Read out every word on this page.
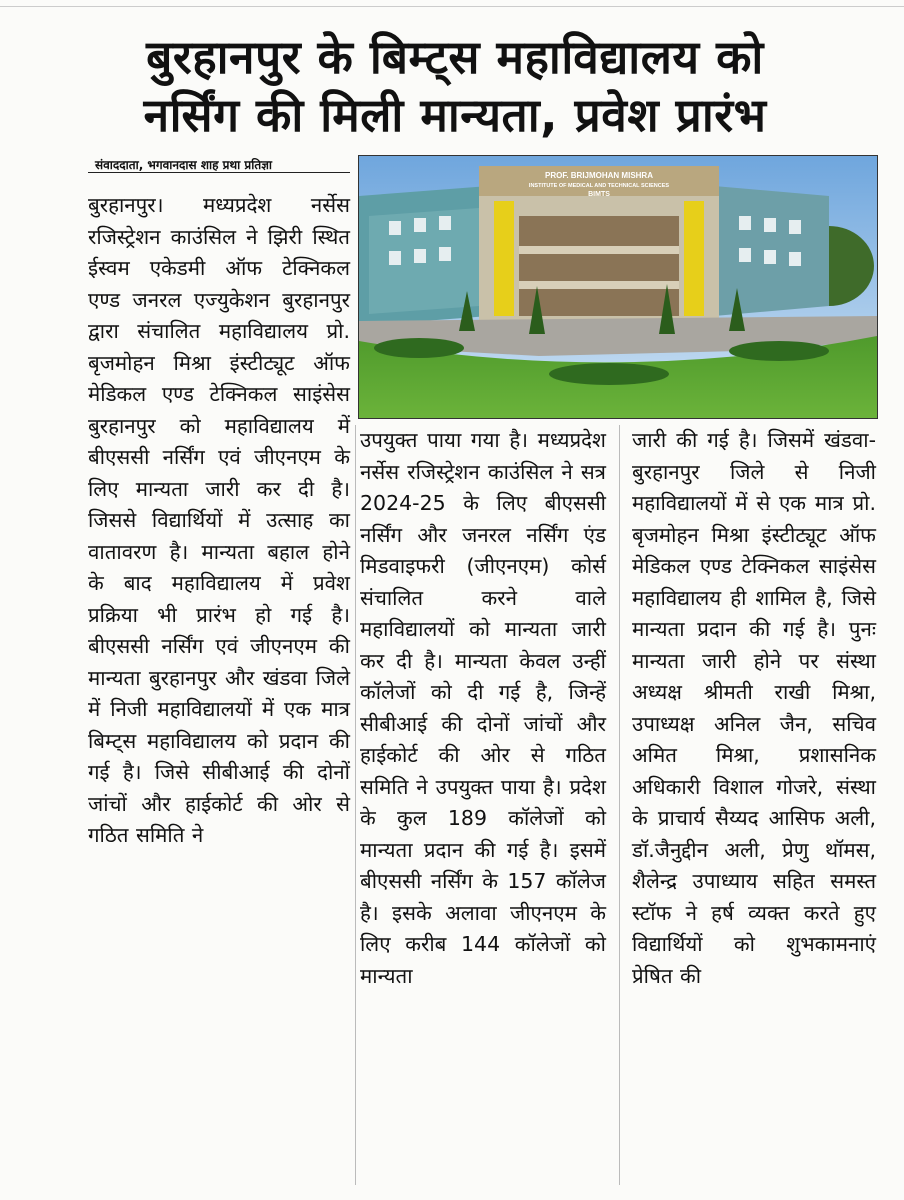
बुरहानपुर के बिम्ट्स महाविद्यालय को
नर्सिंग की मिली मान्यता, प्रवेश प्रारंभ
संवाददाता, भगवानदास शाह प्रथा प्रतिज्ञा
PROF. BRIJMOHAN MISHRA
INSTITUTE OF MEDICAL AND TECHNICAL SCIENCES
BIMTS

बुरहानपुर। मध्यप्रदेश नर्सेस रजिस्ट्रेशन काउंसिल ने झिरी स्थित ईस्वम एकेडमी ऑफ टेक्निकल एण्ड जनरल एज्युकेशन बुरहानपुर द्वारा संचालित महाविद्यालय प्रो. बृजमोहन मिश्रा इंस्टीट्यूट ऑफ मेडिकल एण्ड टेक्निकल साइंसेस बुरहानपुर को महाविद्यालय में बीएससी नर्सिंग एवं जीएनएम के लिए मान्यता जारी कर दी है। जिससे विद्यार्थियों में उत्साह का वातावरण है। मान्यता बहाल होने के बाद महाविद्यालय में प्रवेश प्रक्रिया भी प्रारंभ हो गई है। बीएससी नर्सिंग एवं जीएनएम की मान्यता बुरहानपुर और खंडवा जिले में निजी महाविद्यालयों में एक मात्र बिम्ट्स महाविद्यालय को प्रदान की गई है। जिसे सीबीआई की दोनों जांचों और हाईकोर्ट की ओर से गठित समिति ने

उपयुक्त पाया गया है। मध्यप्रदेश नर्सेस रजिस्ट्रेशन काउंसिल ने सत्र 2024-25 के लिए बीएससी नर्सिंग और जनरल नर्सिंग एंड मिडवाइफरी (जीएनएम) कोर्स संचालित करने वाले महाविद्यालयों को मान्यता जारी कर दी है। मान्यता केवल उन्हीं कॉलेजों को दी गई है, जिन्हें सीबीआई की दोनों जांचों और हाईकोर्ट की ओर से गठित समिति ने उपयुक्त पाया है। प्रदेश के कुल 189 कॉलेजों को मान्यता प्रदान की गई है। इसमें बीएससी नर्सिंग के 157 कॉलेज है। इसके अलावा जीएनएम के लिए करीब 144 कॉलेजों को मान्यता

जारी की गई है। जिसमें खंडवा-बुरहानपुर जिले से निजी महाविद्यालयों में से एक मात्र प्रो. बृजमोहन मिश्रा इंस्टीट्यूट ऑफ मेडिकल एण्ड टेक्निकल साइंसेस महाविद्यालय ही शामिल है, जिसे मान्यता प्रदान की गई है। पुनः मान्यता जारी होने पर संस्था अध्यक्ष श्रीमती राखी मिश्रा, उपाध्यक्ष अनिल जैन, सचिव अमित मिश्रा, प्रशासनिक अधिकारी विशाल गोजरे, संस्था के प्राचार्य सैय्यद आसिफ अली, डॉ.जैनुद्दीन अली, प्रेणु थॉमस, शैलेन्द्र उपाध्याय सहित समस्त स्टॉफ ने हर्ष व्यक्त करते हुए विद्यार्थियों को शुभकामनाएं प्रेषित की
